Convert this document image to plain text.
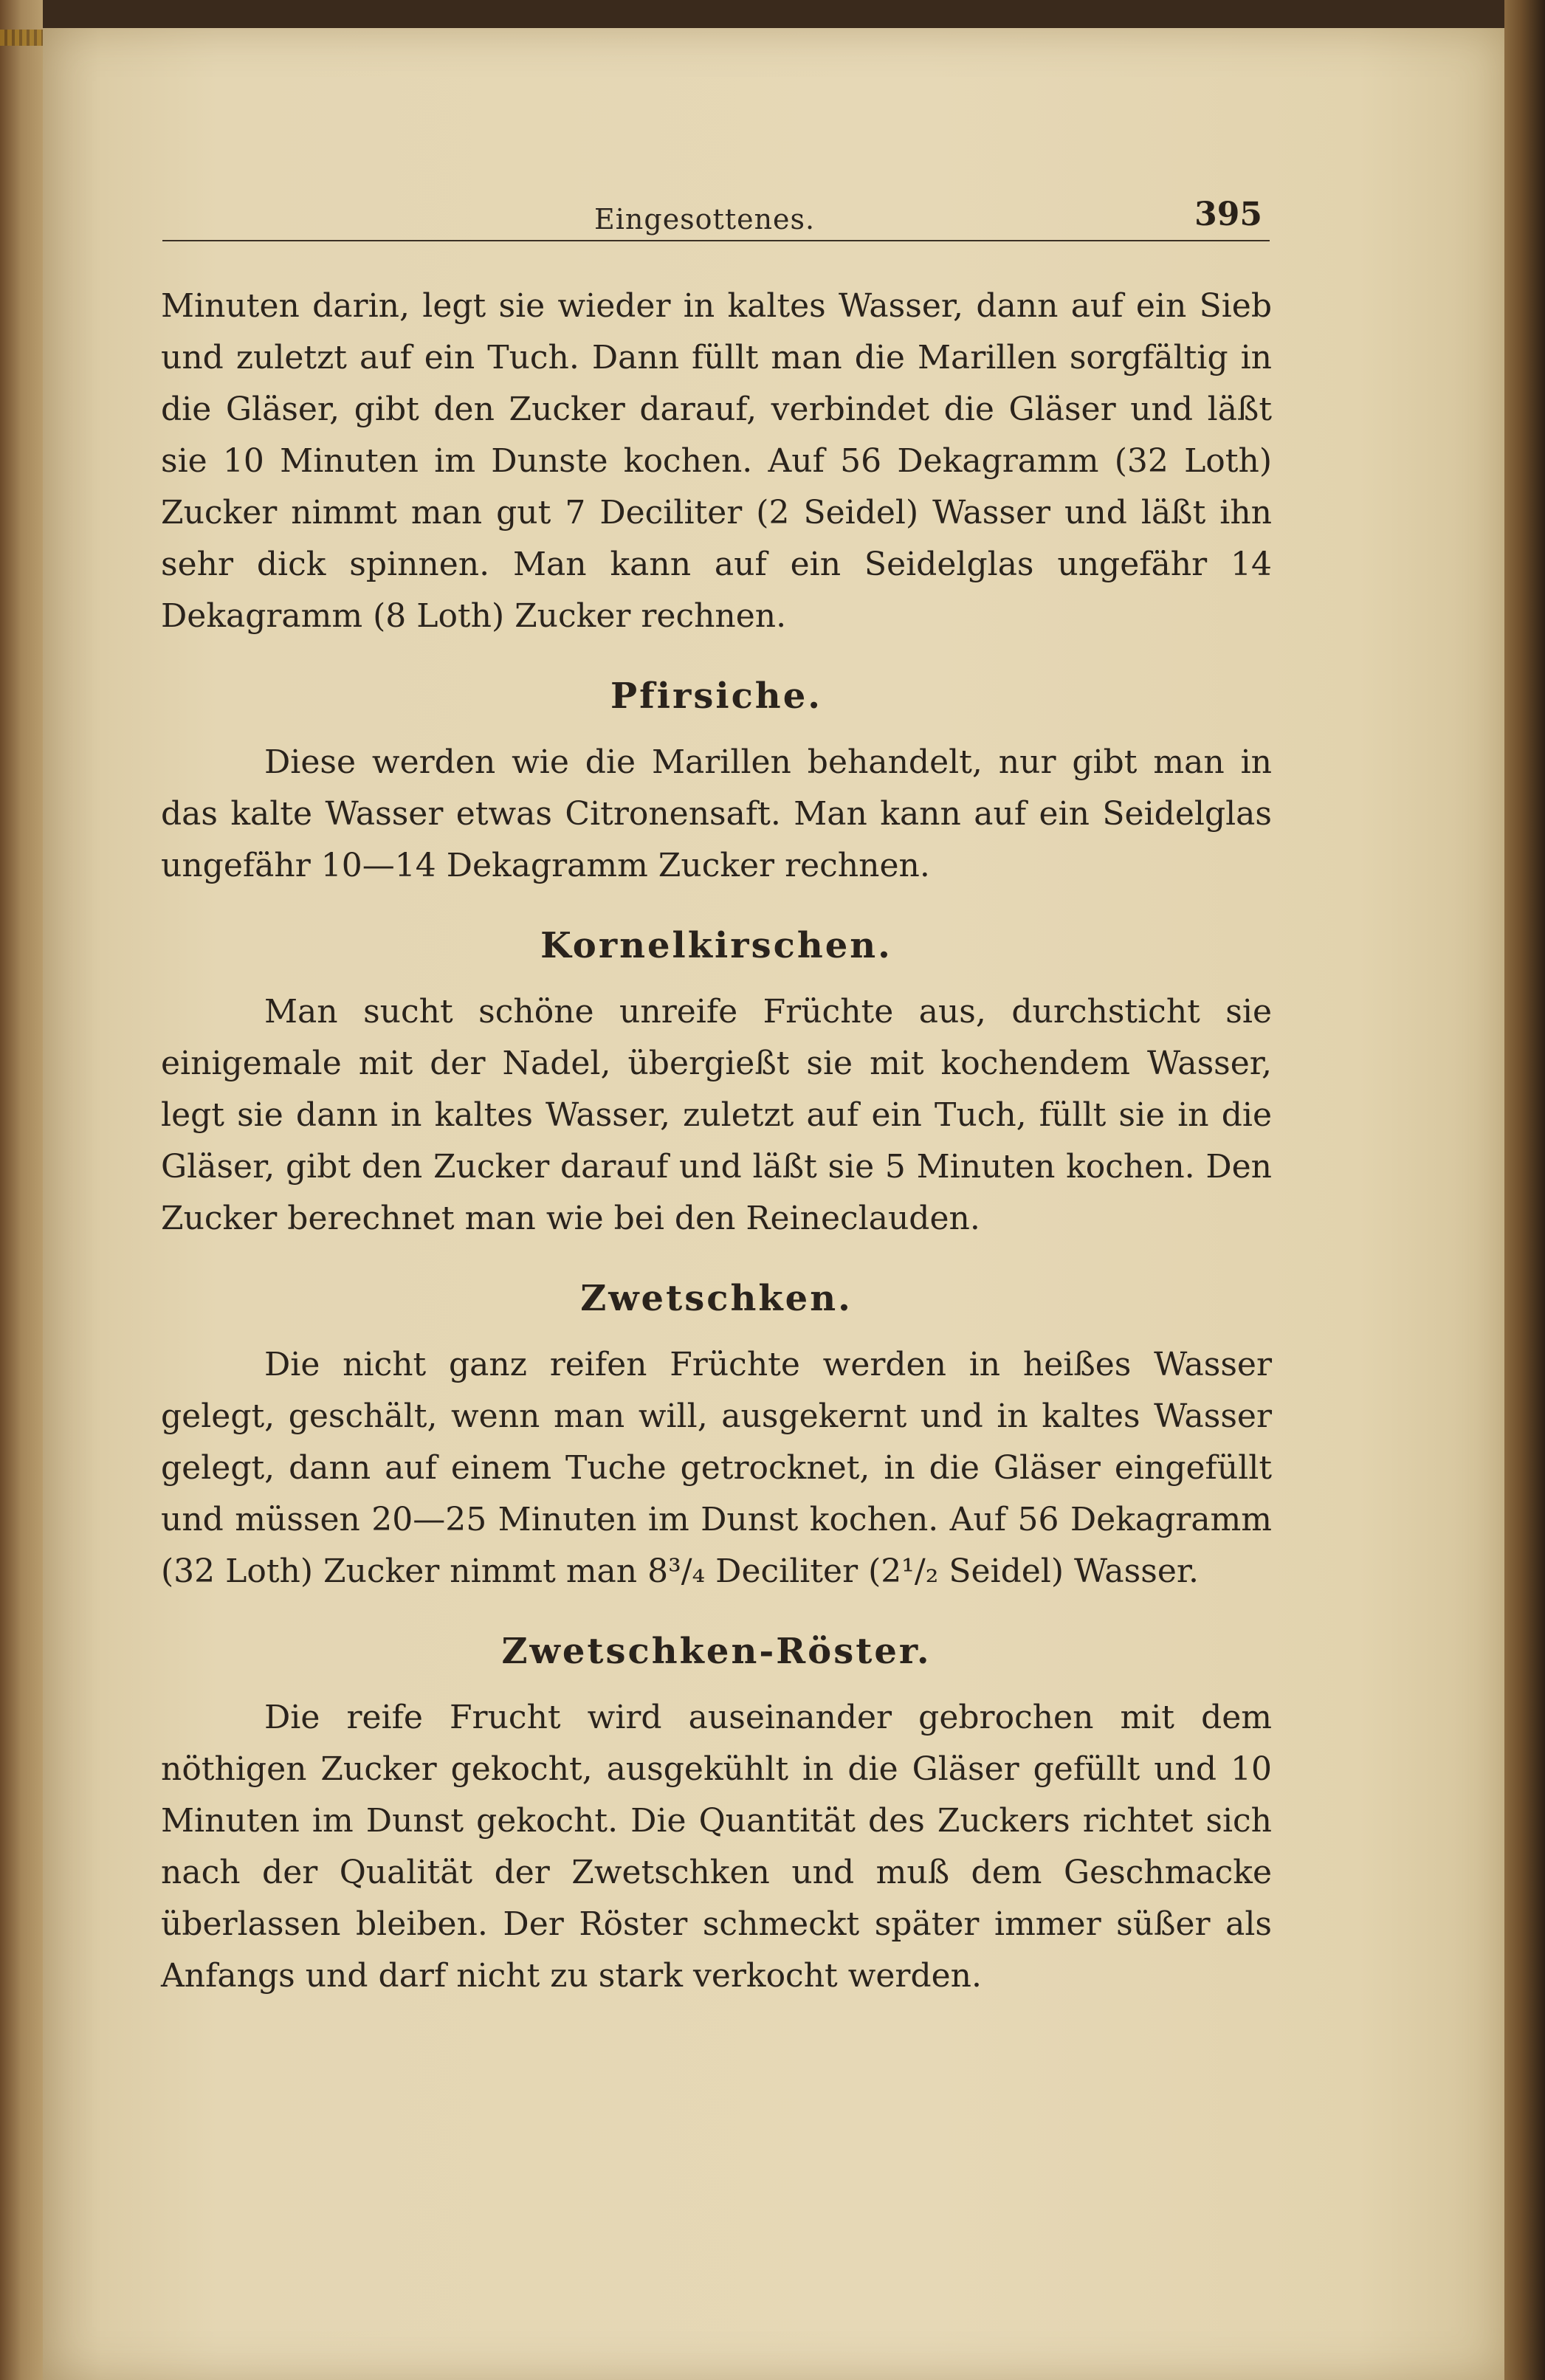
Eingesottenes.	395

Minuten darin, legt sie wieder in kaltes Wasser, dann auf ein Sieb und zuletzt auf ein Tuch. Dann füllt man die Marillen sorgfältig in die Gläser, gibt den Zucker darauf, verbindet die Gläser und läßt sie 10 Minuten im Dunste kochen. Auf 56 Dekagramm (32 Loth) Zucker nimmt man gut 7 Deciliter (2 Seidel) Wasser und läßt ihn sehr dick spinnen. Man kann auf ein Seidelglas ungefähr 14 Dekagramm (8 Loth) Zucker rechnen.

Pfirsiche.

Diese werden wie die Marillen behandelt, nur gibt man in das kalte Wasser etwas Citronensaft. Man kann auf ein Seidelglas ungefähr 10—14 Dekagramm Zucker rechnen.

Kornelkirschen.

Man sucht schöne unreife Früchte aus, durchsticht sie einigemale mit der Nadel, übergießt sie mit kochendem Wasser, legt sie dann in kaltes Wasser, zuletzt auf ein Tuch, füllt sie in die Gläser, gibt den Zucker darauf und läßt sie 5 Minuten kochen. Den Zucker berechnet man wie bei den Reineclauden.

Zwetschken.

Die nicht ganz reifen Früchte werden in heißes Wasser gelegt, geschält, wenn man will, ausgekernt und in kaltes Wasser gelegt, dann auf einem Tuche getrocknet, in die Gläser eingefüllt und müssen 20—25 Minuten im Dunst kochen. Auf 56 Dekagramm (32 Loth) Zucker nimmt man 8³/₄ Deciliter (2¹/₂ Seidel) Wasser.

Zwetschken-Röster.

Die reife Frucht wird auseinander gebrochen mit dem nöthigen Zucker gekocht, ausgekühlt in die Gläser gefüllt und 10 Minuten im Dunst gekocht. Die Quantität des Zuckers richtet sich nach der Qualität der Zwetschken und muß dem Geschmacke überlassen bleiben. Der Röster schmeckt später immer süßer als Anfangs und darf nicht zu stark verkocht werden.
